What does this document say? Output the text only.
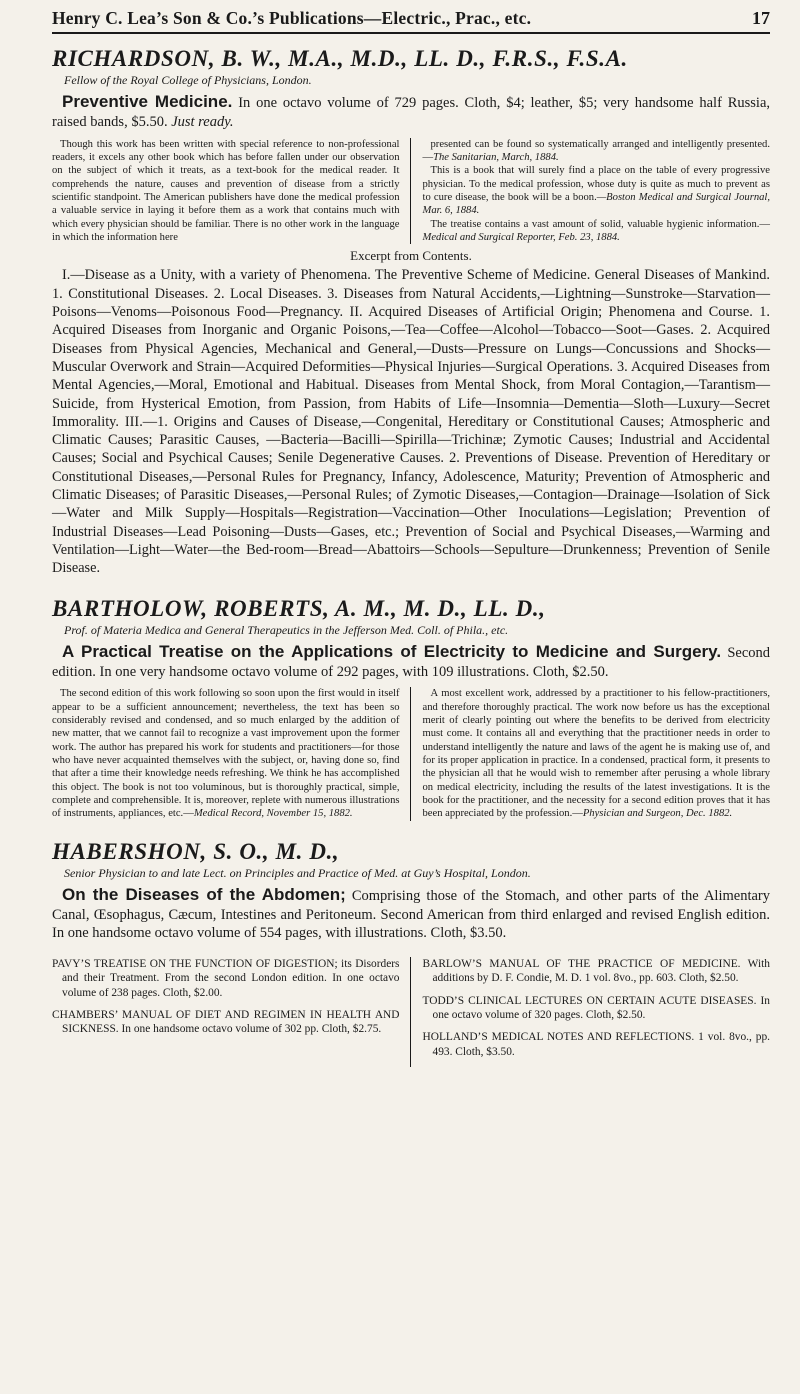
Henry C. Lea’s Son & Co.’s Publications—Electric., Prac., etc.	17
RICHARDSON, B. W., M.A., M.D., LL. D., F.R.S., F.S.A.
Fellow of the Royal College of Physicians, London.

Preventive Medicine. In one octavo volume of 729 pages. Cloth, $4; leather, $5; very handsome half Russia, raised bands, $5.50. Just ready.

Though this work has been written with special reference to non-professional readers, it excels any other book which has before fallen under our observation on the subject of which it treats, as a text-book for the medical reader. It comprehends the nature, causes and prevention of disease from a strictly scientific standpoint. The American publishers have done the medical profession a valuable service in laying it before them as a work that contains much with which every physician should be familiar. There is no other work in the language in which the information here

presented can be found so systematically arranged and intelligently presented.—The Sanitarian, March, 1884.

This is a book that will surely find a place on the table of every progressive physician. To the medical profession, whose duty is quite as much to prevent as to cure disease, the book will be a boon.—Boston Medical and Surgical Journal, Mar. 6, 1884.

The treatise contains a vast amount of solid, valuable hygienic information.—Medical and Surgical Reporter, Feb. 23, 1884.

Excerpt from Contents.

I.—Disease as a Unity, with a variety of Phenomena. The Preventive Scheme of Medicine. General Diseases of Mankind. 1. Constitutional Diseases. 2. Local Diseases. 3. Diseases from Natural Accidents,—Lightning—Sunstroke—Starvation—Poisons—Venoms—Poisonous Food—Pregnancy. II. Acquired Diseases of Artificial Origin; Phenomena and Course. 1. Acquired Diseases from Inorganic and Organic Poisons,—Tea—Coffee—Alcohol—Tobacco—Soot—Gases. 2. Acquired Diseases from Physical Agencies, Mechanical and General,—Dusts—Pressure on Lungs—Concussions and Shocks—Muscular Overwork and Strain—Acquired Deformities—Physical Injuries—Surgical Operations. 3. Acquired Diseases from Mental Agencies,—Moral, Emotional and Habitual. Diseases from Mental Shock, from Moral Contagion,—Tarantism—Suicide, from Hysterical Emotion, from Passion, from Habits of Life—Insomnia—Dementia—Sloth—Luxury—Secret Immorality. III.—1. Origins and Causes of Disease,—Congenital, Hereditary or Constitutional Causes; Atmospheric and Climatic Causes; Parasitic Causes, —Bacteria—Bacilli—Spirilla—Trichinæ; Zymotic Causes; Industrial and Accidental Causes; Social and Psychical Causes; Senile Degenerative Causes. 2. Preventions of Disease. Prevention of Hereditary or Constitutional Diseases,—Personal Rules for Pregnancy, Infancy, Adolescence, Maturity; Prevention of Atmospheric and Climatic Diseases; of Parasitic Diseases,—Personal Rules; of Zymotic Diseases,—Contagion—Drainage—Isolation of Sick—Water and Milk Supply—Hospitals—Registration—Vaccination—Other Inoculations—Legislation; Prevention of Industrial Diseases—Lead Poisoning—Dusts—Gases, etc.; Prevention of Social and Psychical Diseases,—Warming and Ventilation—Light—Water—the Bed-room—Bread—Abattoirs—Schools—Sepulture—Drunkenness; Prevention of Senile Disease.

BARTHOLOW, ROBERTS, A. M., M. D., LL. D.,
Prof. of Materia Medica and General Therapeutics in the Jefferson Med. Coll. of Phila., etc.

A Practical Treatise on the Applications of Electricity to Medicine and Surgery. Second edition. In one very handsome octavo volume of 292 pages, with 109 illustrations. Cloth, $2.50.

The second edition of this work following so soon upon the first would in itself appear to be a sufficient announcement; nevertheless, the text has been so considerably revised and condensed, and so much enlarged by the addition of new matter, that we cannot fail to recognize a vast improvement upon the former work. The author has prepared his work for students and practitioners—for those who have never acquainted themselves with the subject, or, having done so, find that after a time their knowledge needs refreshing. We think he has accomplished this object. The book is not too voluminous, but is thoroughly practical, simple, complete and comprehensible. It is, moreover, replete with numerous illustrations of instruments, appliances, etc.—Medical Record, November 15, 1882.

A most excellent work, addressed by a practitioner to his fellow-practitioners, and therefore thoroughly practical. The work now before us has the exceptional merit of clearly pointing out where the benefits to be derived from electricity must come. It contains all and everything that the practitioner needs in order to understand intelligently the nature and laws of the agent he is making use of, and for its proper application in practice. In a condensed, practical form, it presents to the physician all that he would wish to remember after perusing a whole library on medical electricity, including the results of the latest investigations. It is the book for the practitioner, and the necessity for a second edition proves that it has been appreciated by the profession.—Physician and Surgeon, Dec. 1882.

HABERSHON, S. O., M. D.,
Senior Physician to and late Lect. on Principles and Practice of Med. at Guy’s Hospital, London.

On the Diseases of the Abdomen; Comprising those of the Stomach, and other parts of the Alimentary Canal, Œsophagus, Cæcum, Intestines and Peritoneum. Second American from third enlarged and revised English edition. In one handsome octavo volume of 554 pages, with illustrations. Cloth, $3.50.

PAVY’S TREATISE ON THE FUNCTION OF DIGESTION; its Disorders and their Treatment. From the second London edition. In one octavo volume of 238 pages. Cloth, $2.00.

CHAMBERS’ MANUAL OF DIET AND REGIMEN IN HEALTH AND SICKNESS. In one handsome octavo volume of 302 pp. Cloth, $2.75.

BARLOW’S MANUAL OF THE PRACTICE OF MEDICINE. With additions by D. F. Condie, M. D. 1 vol. 8vo., pp. 603. Cloth, $2.50.

TODD’S CLINICAL LECTURES ON CERTAIN ACUTE DISEASES. In one octavo volume of 320 pages. Cloth, $2.50.

HOLLAND’S MEDICAL NOTES AND REFLECTIONS. 1 vol. 8vo., pp. 493. Cloth, $3.50.
